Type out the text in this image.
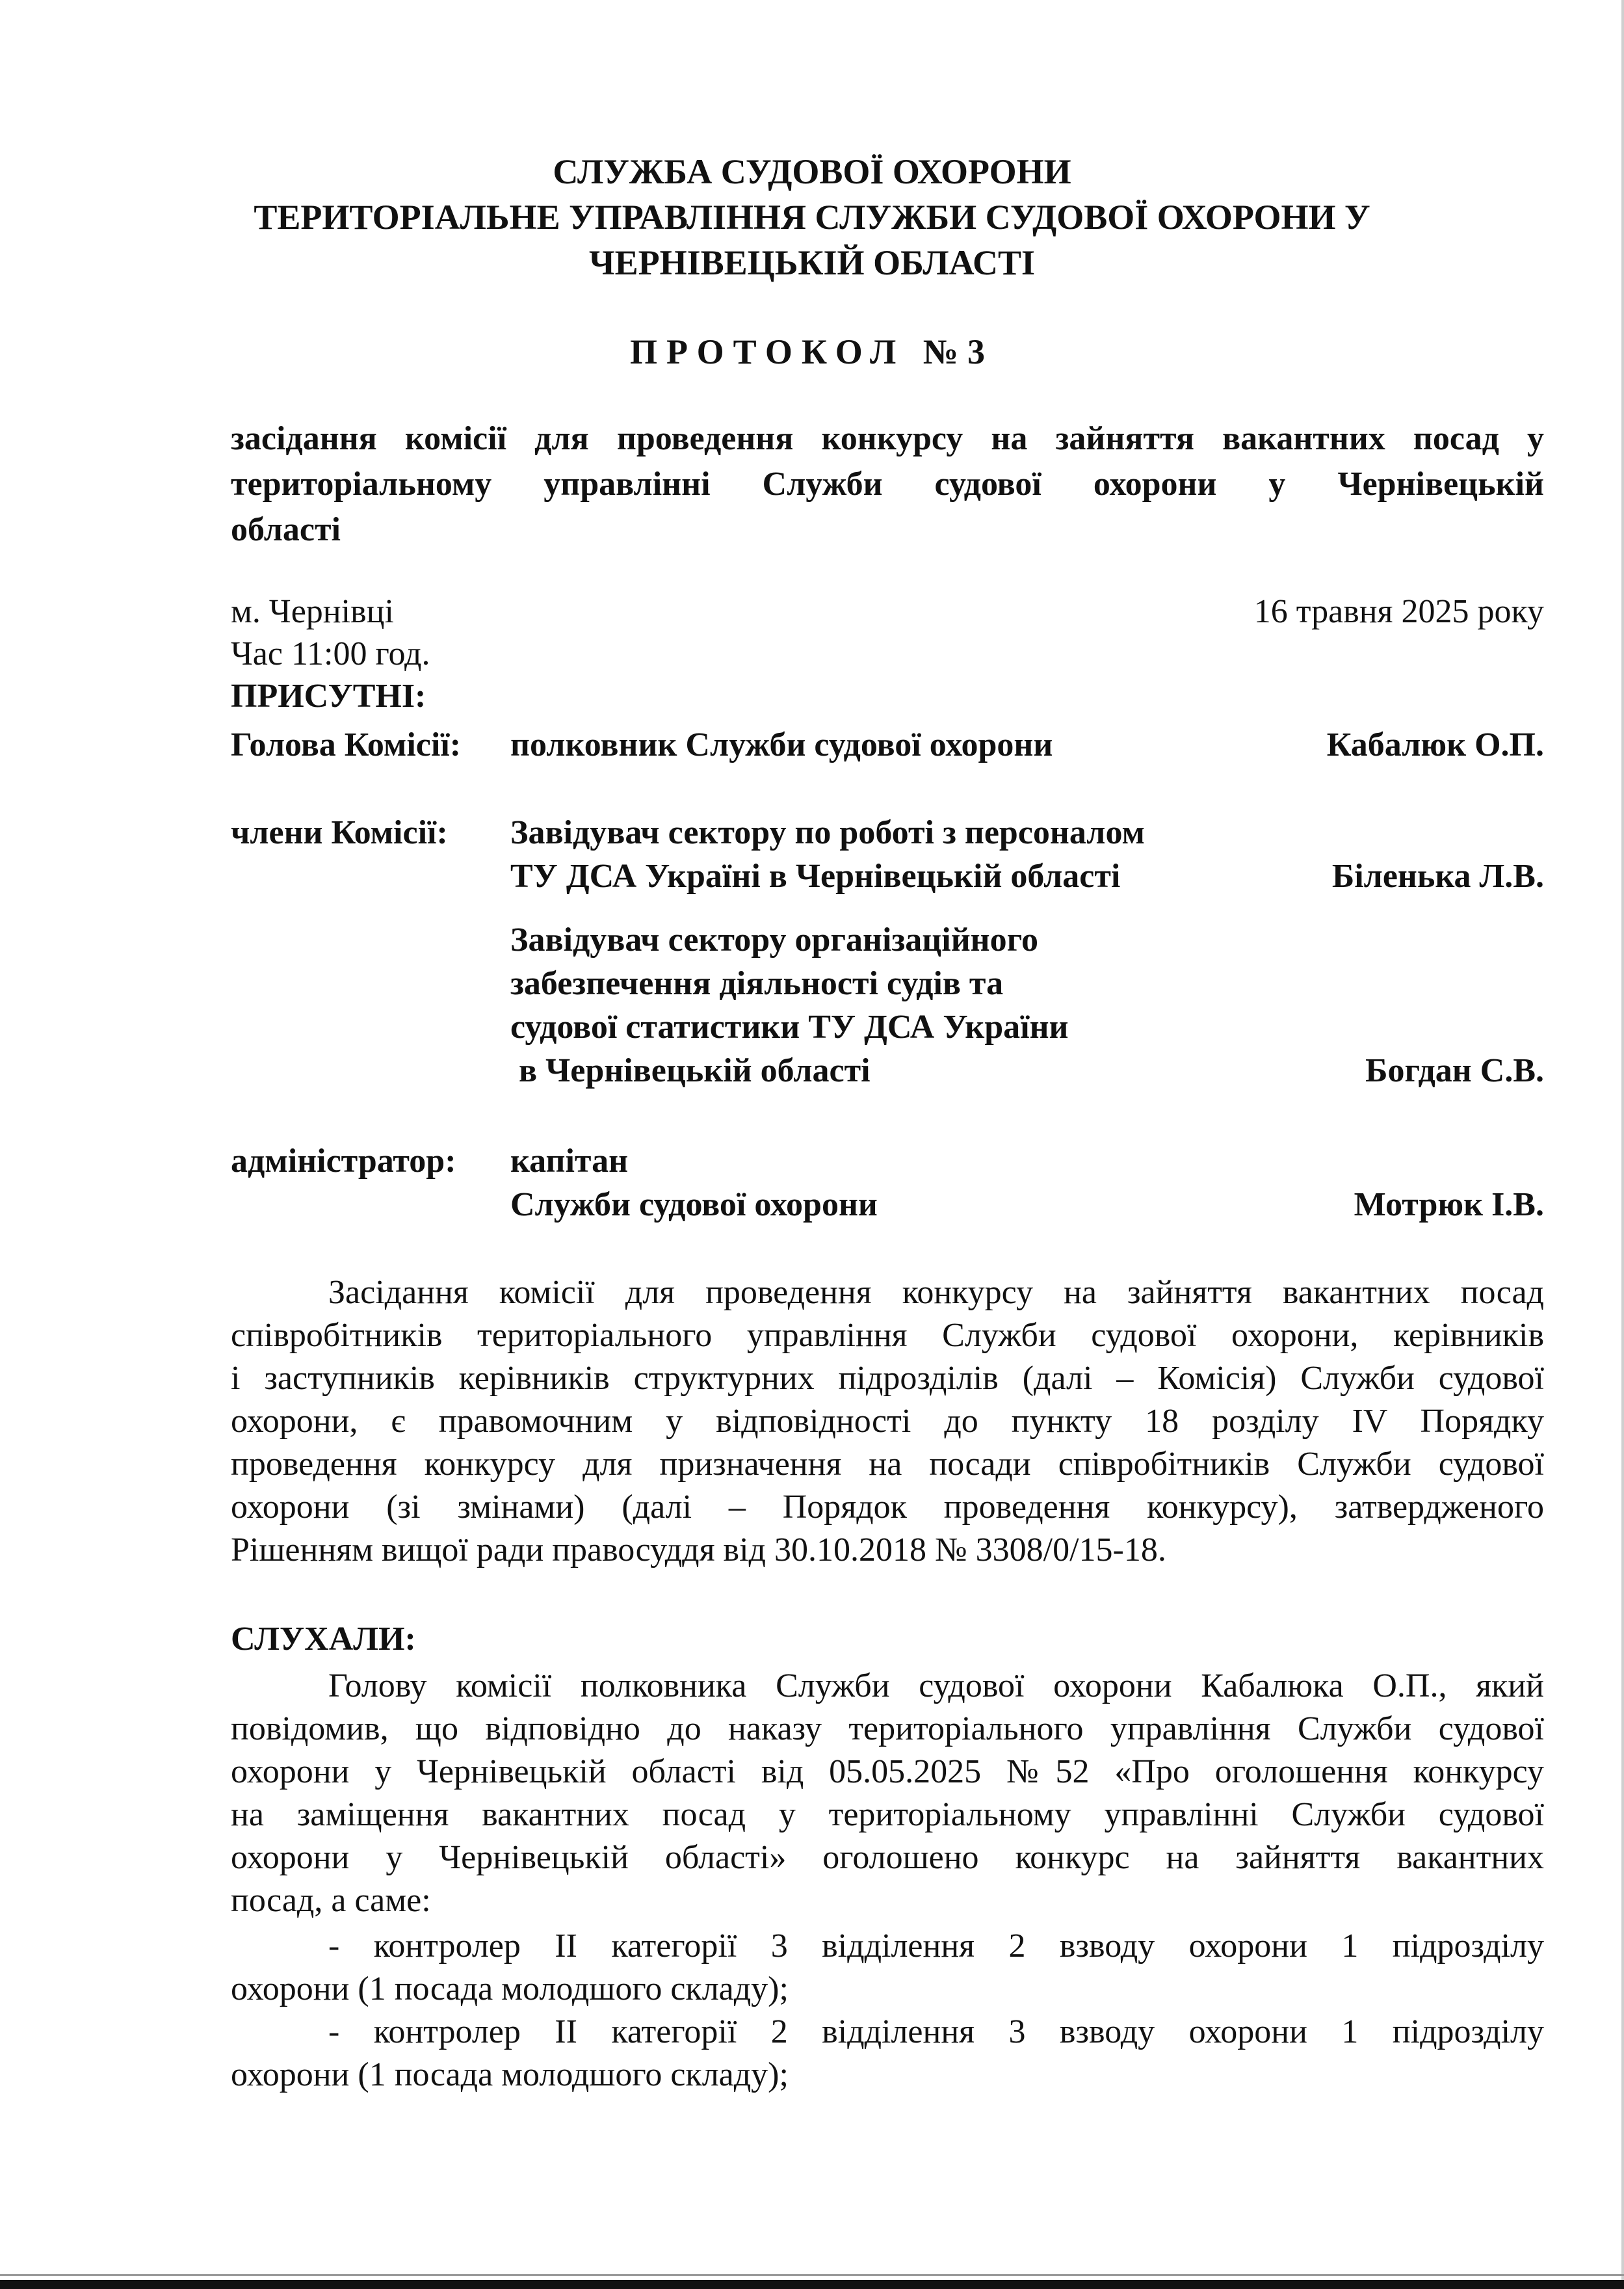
СЛУЖБА СУДОВОЇ ОХОРОНИ
ТЕРИТОРІАЛЬНЕ УПРАВЛІННЯ СЛУЖБИ СУДОВОЇ ОХОРОНИ У
ЧЕРНІВЕЦЬКІЙ ОБЛАСТІ
ПРОТОКОЛ №3
засідання комісії для проведення конкурсу на зайняття вакантних посад у
територіальному управлінні Служби судової охорони у Чернівецькій
області
м. Чернівці	16 травня 2025 року
Час 11:00 год.
ПРИСУТНІ:
Голова Комісії: полковник Служби судової охорони	Кабалюк О.П.
члени Комісії: Завідувач сектору по роботі з персоналом
ТУ ДСА Україні в Чернівецькій області	Біленька Л.В.
Завідувач сектору організаційного
забезпечення діяльності судів та
судової статистики ТУ ДСА України
в Чернівецькій області	Богдан С.В.
адміністратор: капітан
Служби судової охорони	Мотрюк І.В.
Засідання комісії для проведення конкурсу на зайняття вакантних посад
співробітників територіального управління Служби судової охорони, керівників
і заступників керівників структурних підрозділів (далі – Комісія) Служби судової
охорони, є правомочним у відповідності до пункту 18 розділу IV Порядку
проведення конкурсу для призначення на посади співробітників Служби судової
охорони (зі змінами) (далі – Порядок проведення конкурсу), затвердженого
Рішенням вищої ради правосуддя від 30.10.2018 № 3308/0/15-18.
СЛУХАЛИ:
Голову комісії полковника Служби судової охорони Кабалюка О.П., який
повідомив, що відповідно до наказу територіального управління Служби судової
охорони у Чернівецькій області від 05.05.2025 №52 «Про оголошення конкурсу
на заміщення вакантних посад у територіальному управлінні Служби судової
охорони у Чернівецькій області» оголошено конкурс на зайняття вакантних
посад, а саме:
- контролер ІІ категорії 3 відділення 2 взводу охорони 1 підрозділу
охорони (1 посада молодшого складу);
- контролер ІІ категорії 2 відділення 3 взводу охорони 1 підрозділу
охорони (1 посада молодшого складу);
